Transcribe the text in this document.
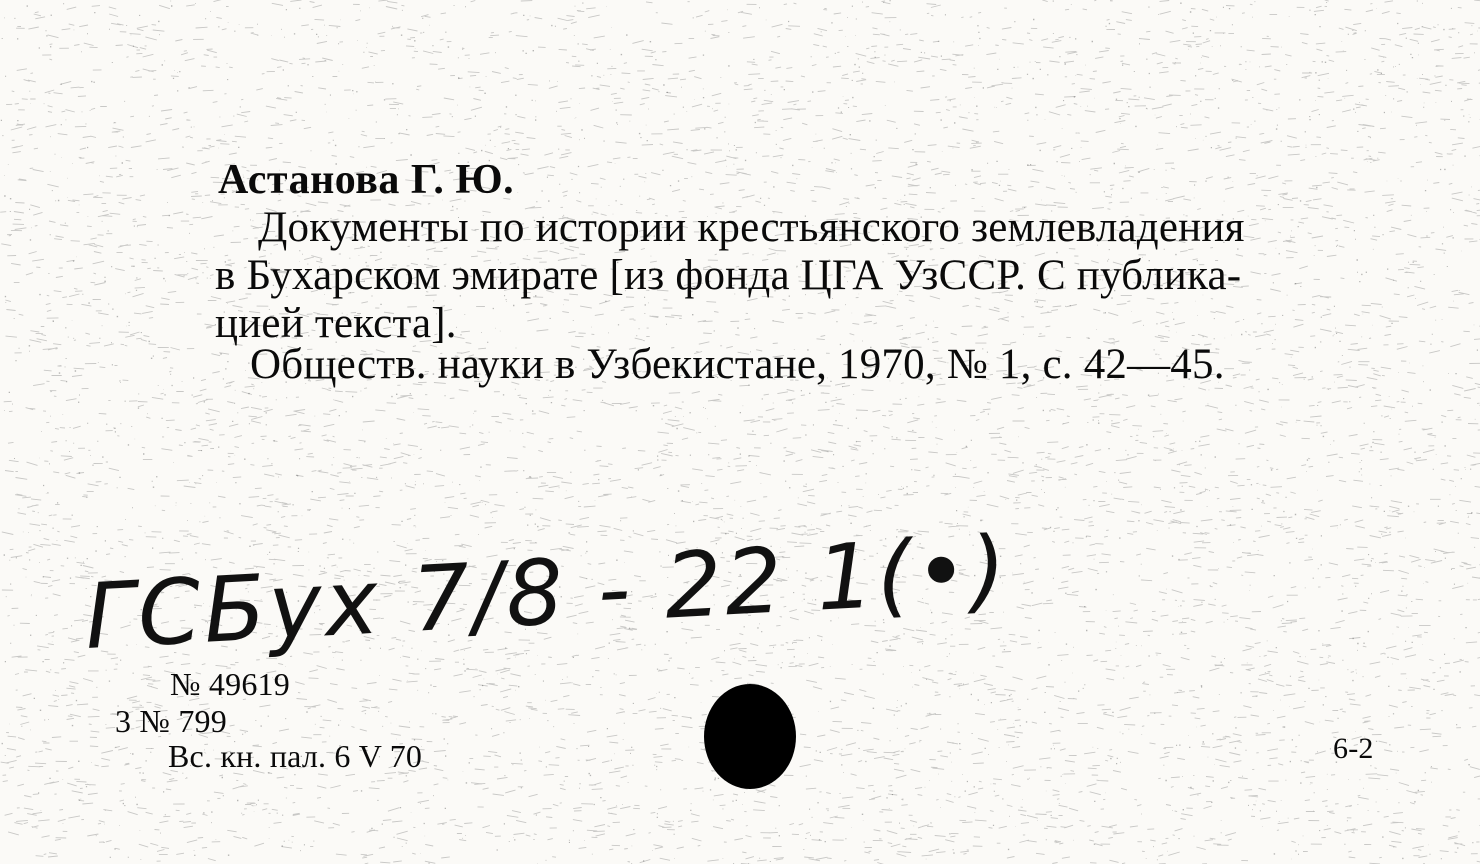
Астанова Г. Ю.
Документы по истории крестьянского землевладения
в Бухарском эмирате [из фонда ЦГА УзССР. С публика-
цией текста].
Обществ. науки в Узбекистане, 1970, № 1, с. 42—45.
ГСБух 7/8 - 22 1(•)
№ 49619
3 № 799
Вс. кн. пал. 6 V 70	6-2
